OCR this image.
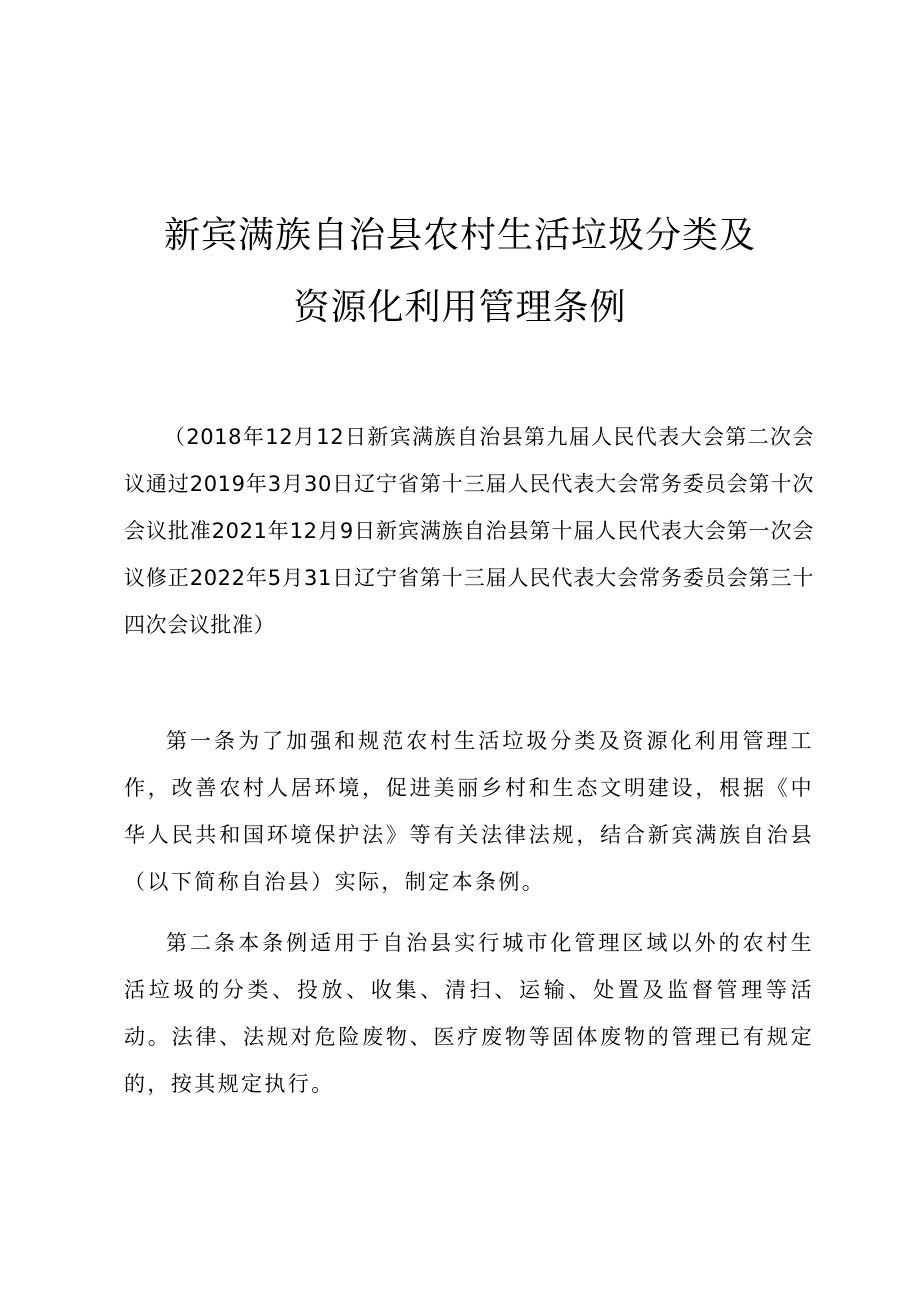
新宾满族自治县农村生活垃圾分类及
资源化利用管理条例

（2018年12月12日新宾满族自治县第九届人民代表大会第二次会议通过2019年3月30日辽宁省第十三届人民代表大会常务委员会第十次会议批准2021年12月9日新宾满族自治县第十届人民代表大会第一次会议修正2022年5月31日辽宁省第十三届人民代表大会常务委员会第三十四次会议批准）

第一条为了加强和规范农村生活垃圾分类及资源化利用管理工作，改善农村人居环境，促进美丽乡村和生态文明建设，根据《中华人民共和国环境保护法》等有关法律法规，结合新宾满族自治县（以下简称自治县）实际，制定本条例。

第二条本条例适用于自治县实行城市化管理区域以外的农村生活垃圾的分类、投放、收集、清扫、运输、处置及监督管理等活动。法律、法规对危险废物、医疗废物等固体废物的管理已有规定的，按其规定执行。
